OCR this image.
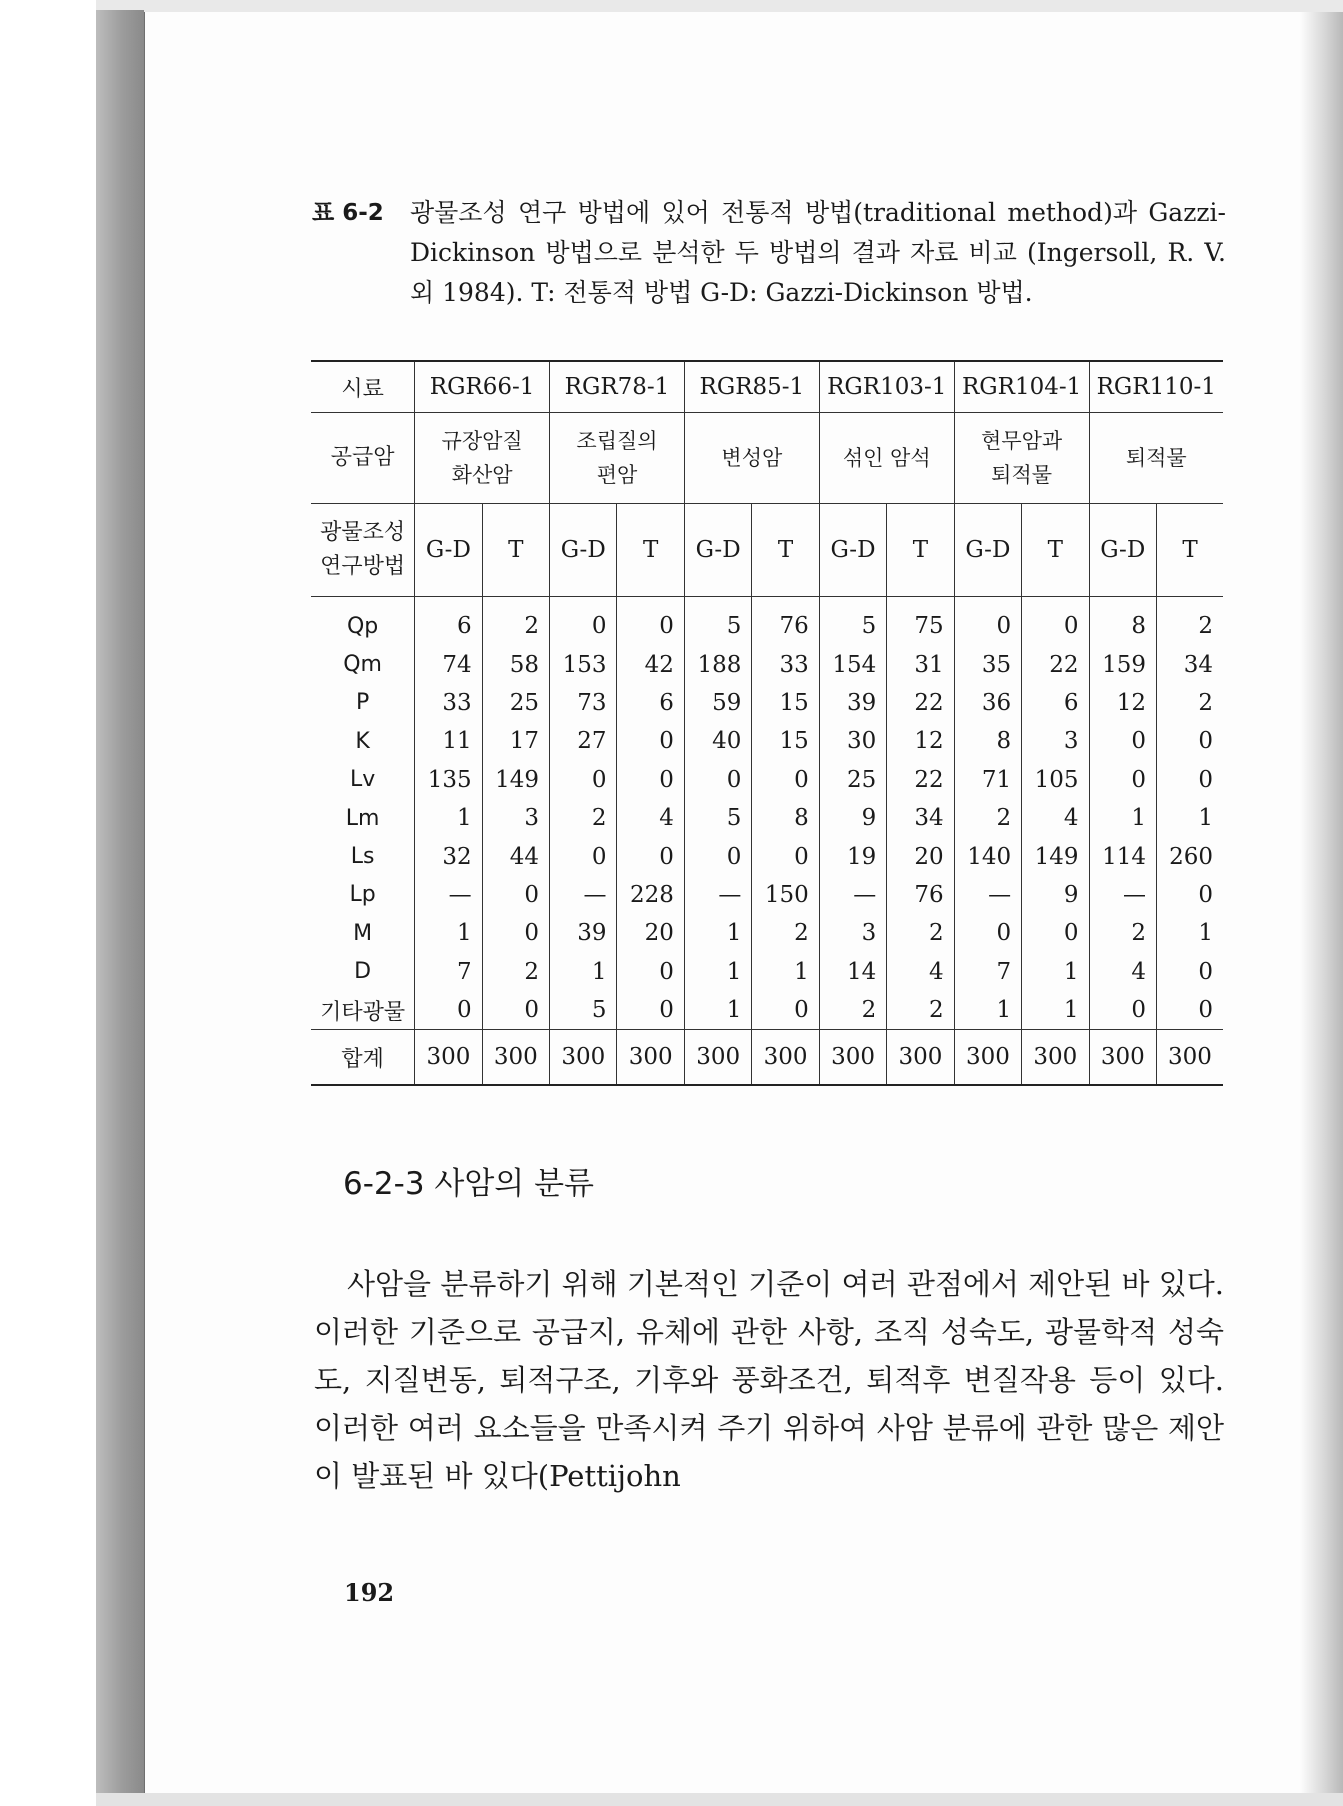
표 6-2 광물조성 연구 방법에 있어 전통적 방법(traditional method)과 Gazzi-Dickinson 방법으로 분석한 두 방법의 결과 자료 비교 (Ingersoll, R. V. 외 1984). T: 전통적 방법 G-D: Gazzi-Dickinson 방법.
시료	RGR66-1		RGR78-1		RGR85-1		RGR103-1		RGR104-1		RGR110-1	
공급암	규장암질 화산암		조립질의 편암		변성암		섞인 암석		현무암과 퇴적물		퇴적물	
광물조성 연구방법	G-D	T	G-D	T	G-D	T	G-D	T	G-D	T	G-D	T
Qp	6	2	0	0	5	76	5	75	0	0	8	2
Qm	74	58	153	42	188	33	154	31	35	22	159	34
P	33	25	73	6	59	15	39	22	36	6	12	2
K	11	17	27	0	40	15	30	12	8	3	0	0
Lv	135	149	0	0	0	0	25	22	71	105	0	0
Lm	1	3	2	4	5	8	9	34	2	4	1	1
Ls	32	44	0	0	0	0	19	20	140	149	114	260
Lp	—	0	—	228	—	150	—	76	—	9	—	0
M	1	0	39	20	1	2	3	2	0	0	2	1
D	7	2	1	0	1	1	14	4	7	1	4	0
기타광물	0	0	5	0	1	0	2	2	1	1	0	0
합계	300	300	300	300	300	300	300	300	300	300	300	300
6-2-3 사암의 분류
사암을 분류하기 위해 기본적인 기준이 여러 관점에서 제안된 바 있다. 이러한 기준으로 공급지, 유체에 관한 사항, 조직 성숙도, 광물학적 성숙도, 지질변동, 퇴적구조, 기후와 풍화조건, 퇴적후 변질작용 등이 있다. 이러한 여러 요소들을 만족시켜 주기 위하여 사암 분류에 관한 많은 제안이 발표된 바 있다(Pettijohn
192
